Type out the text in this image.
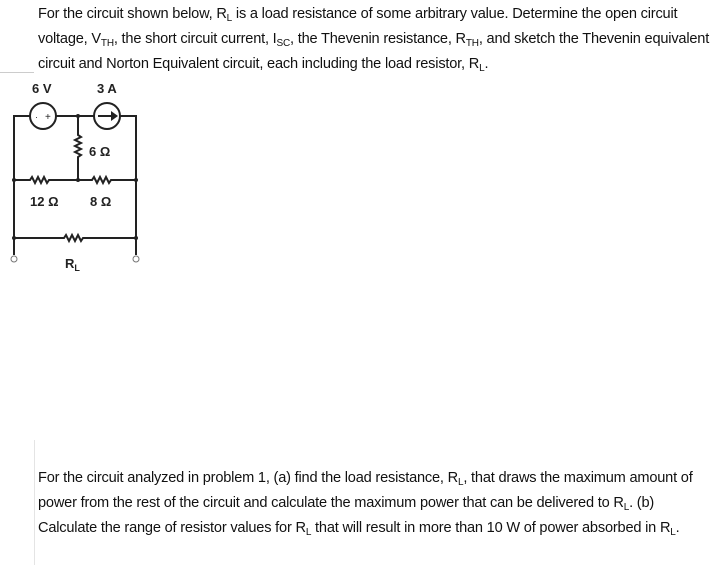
For the circuit shown below, $R_L$ is a load resistance of some arbitrary value. Determine the open circuit voltage, $V_{TH}$, the short circuit current, $I_{SC}$, the Thevenin resistance, $R_{TH}$, and sketch the Thevenin equivalent circuit and Norton Equivalent circuit, each including the load resistor, $R_L$.
· +
6 V	3 A
6 Ω
12 Ω 8 Ω
$R_L$
For the circuit analyzed in problem 1, (a) find the load resistance, $R_L$, that draws the maximum amount of power from the rest of the circuit and calculate the maximum power that can be delivered to $R_L$. (b) Calculate the range of resistor values for $R_L$ that will result in more than 10 W of power absorbed in $R_L$.
